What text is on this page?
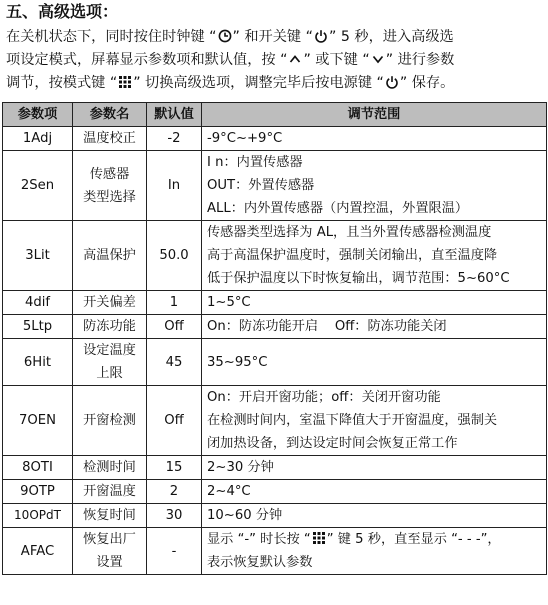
五、高级选项：
在关机状态下，同时按住时钟键 “ ” 和开关键 “ ” 5 秒，进入高级选
项设定模式，屏幕显示参数项和默认值，按 “ ” 或下键 “ ” 进行参数
调节，按模式键 “ ” 切换高级选项，调整完毕后按电源键 “ ” 保存。
参数项	参数名	默认值	调节范围
1Adj	温度校正	-2	-9°C~+9°C
2Sen	传感器
类型选择	In	I n：内置传感器
OUT：外置传感器
ALL：内外置传感器（内置控温，外置限温）

3Lit	高温保护	50.0	传感器类型选择为 AL，且当外置传感器检测温度
高于高温保护温度时，强制关闭输出，直至温度降
低于保护温度以下时恢复输出，调节范围：5~60°C

4dif	开关偏差	1	1~5°C
5Ltp	防冻功能	Off	On：防冻功能开启    Off：防冻功能关闭
6Hit	设定温度
上限	45	35~95°C
7OEN	开窗检测	Off	On：开启开窗功能；off：关闭开窗功能
在检测时间内，室温下降值大于开窗温度，强制关
闭加热设备，到达设定时间会恢复正常工作

8OTI	检测时间	15	2~30 分钟
9OTP	开窗温度	2	2~4°C
10OPdT	恢复时间	30	10~60 分钟
AFAC	恢复出厂
设置	-	显示 “-” 时长按 “ ” 键 5 秒，直至显示 “- - -”，
表示恢复默认参数
